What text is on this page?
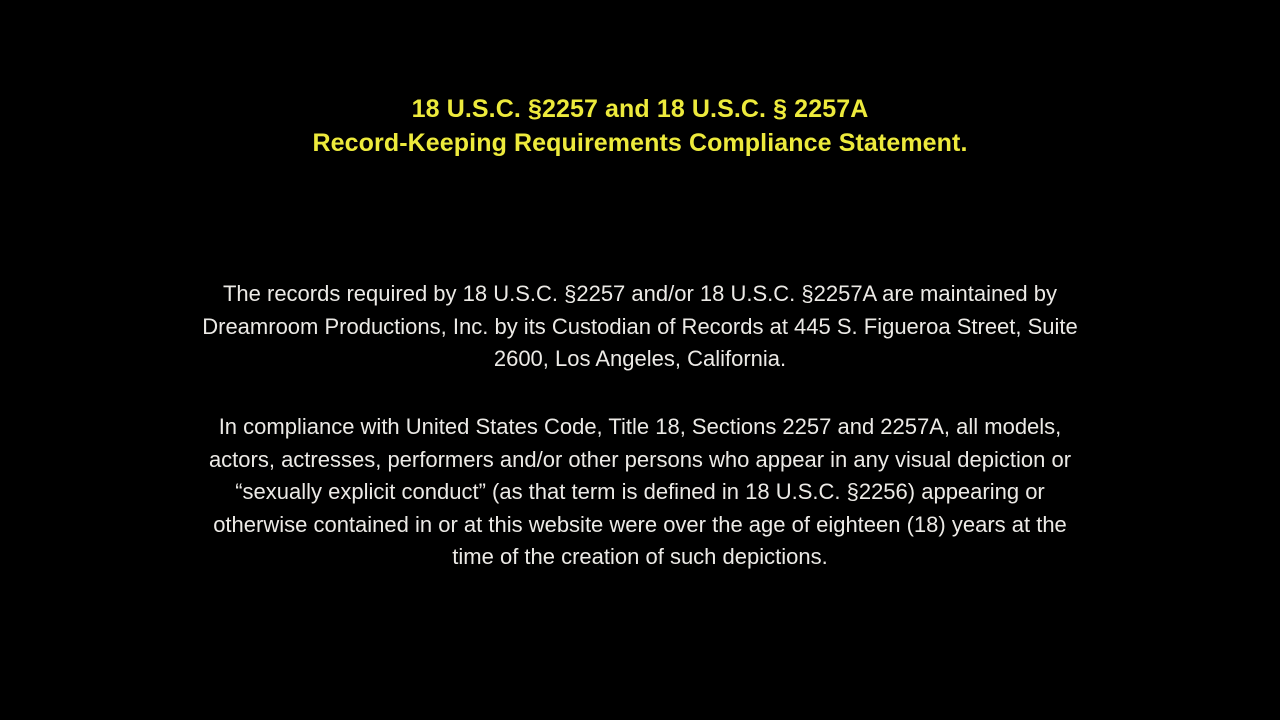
18 U.S.C. §2257 and 18 U.S.C. § 2257A
Record-Keeping Requirements Compliance Statement.
The records required by 18 U.S.C. §2257 and/or 18 U.S.C. §2257A are maintained by Dreamroom Productions, Inc. by its Custodian of Records at 445 S. Figueroa Street, Suite 2600, Los Angeles, California.
In compliance with United States Code, Title 18, Sections 2257 and 2257A, all models, actors, actresses, performers and/or other persons who appear in any visual depiction or “sexually explicit conduct” (as that term is defined in 18 U.S.C. §2256) appearing or otherwise contained in or at this website were over the age of eighteen (18) years at the time of the creation of such depictions.
